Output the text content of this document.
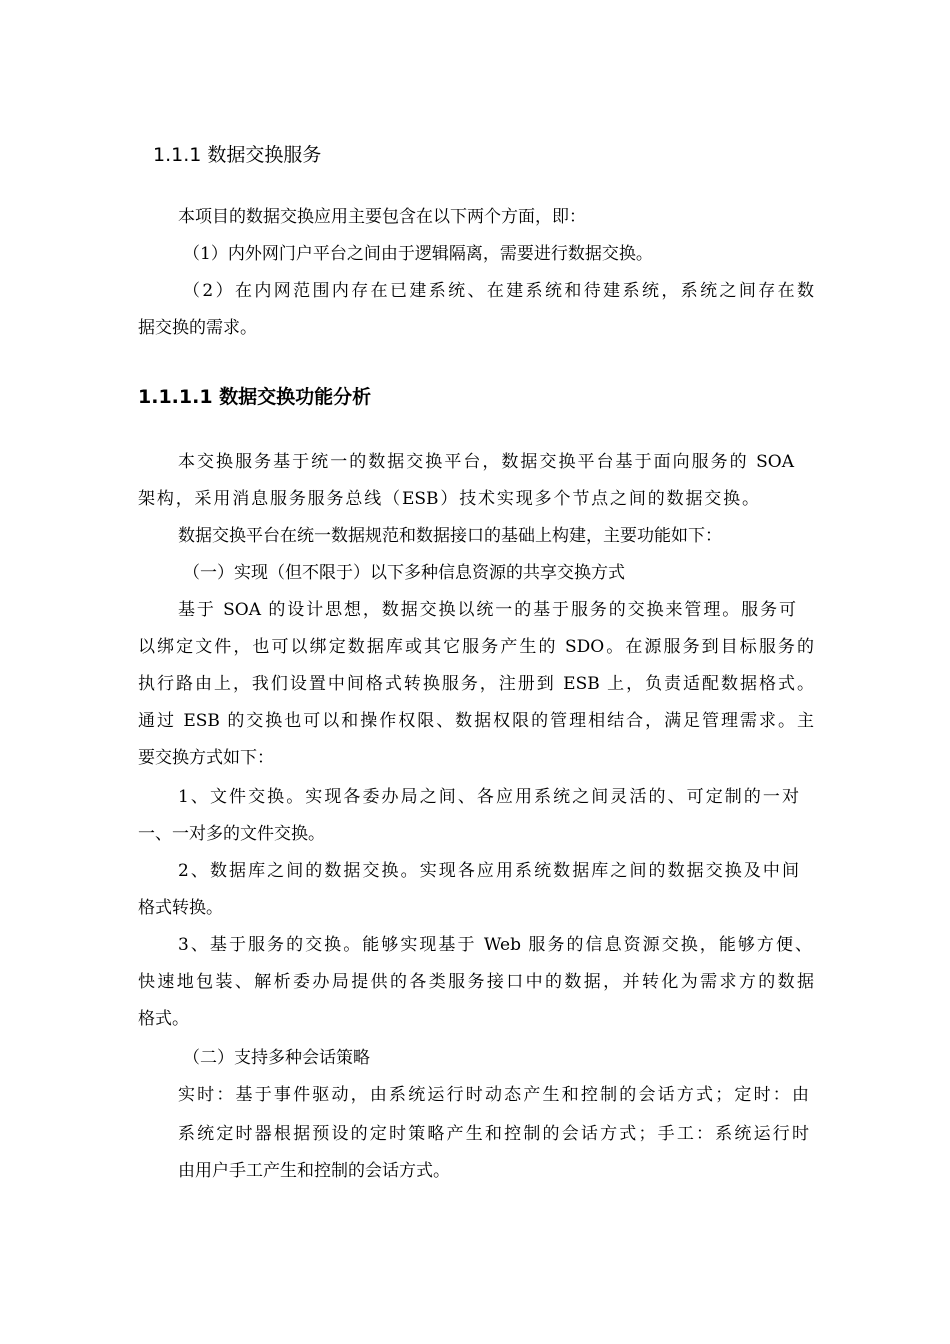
1.1.1 数据交换服务
本项目的数据交换应用主要包含在以下两个方面，即：
（1）内外网门户平台之间由于逻辑隔离，需要进行数据交换。
（2）在内网范围内存在已建系统、在建系统和待建系统，系统之间存在数
据交换的需求。
1.1.1.1 数据交换功能分析
本交换服务基于统一的数据交换平台，数据交换平台基于面向服务的 SOA
架构，采用消息服务服务总线（ESB）技术实现多个节点之间的数据交换。
数据交换平台在统一数据规范和数据接口的基础上构建，主要功能如下：
（一）实现（但不限于）以下多种信息资源的共享交换方式
基于 SOA 的设计思想，数据交换以统一的基于服务的交换来管理。服务可
以绑定文件，也可以绑定数据库或其它服务产生的 SDO。在源服务到目标服务的
执行路由上，我们设置中间格式转换服务，注册到 ESB 上，负责适配数据格式。
通过 ESB 的交换也可以和操作权限、数据权限的管理相结合，满足管理需求。主
要交换方式如下：
1、文件交换。实现各委办局之间、各应用系统之间灵活的、可定制的一对
一、一对多的文件交换。
2、数据库之间的数据交换。实现各应用系统数据库之间的数据交换及中间
格式转换。
3、基于服务的交换。能够实现基于 Web 服务的信息资源交换，能够方便、
快速地包装、解析委办局提供的各类服务接口中的数据，并转化为需求方的数据
格式。
（二）支持多种会话策略
实时：基于事件驱动，由系统运行时动态产生和控制的会话方式；定时：由
系统定时器根据预设的定时策略产生和控制的会话方式；手工：系统运行时
由用户手工产生和控制的会话方式。
